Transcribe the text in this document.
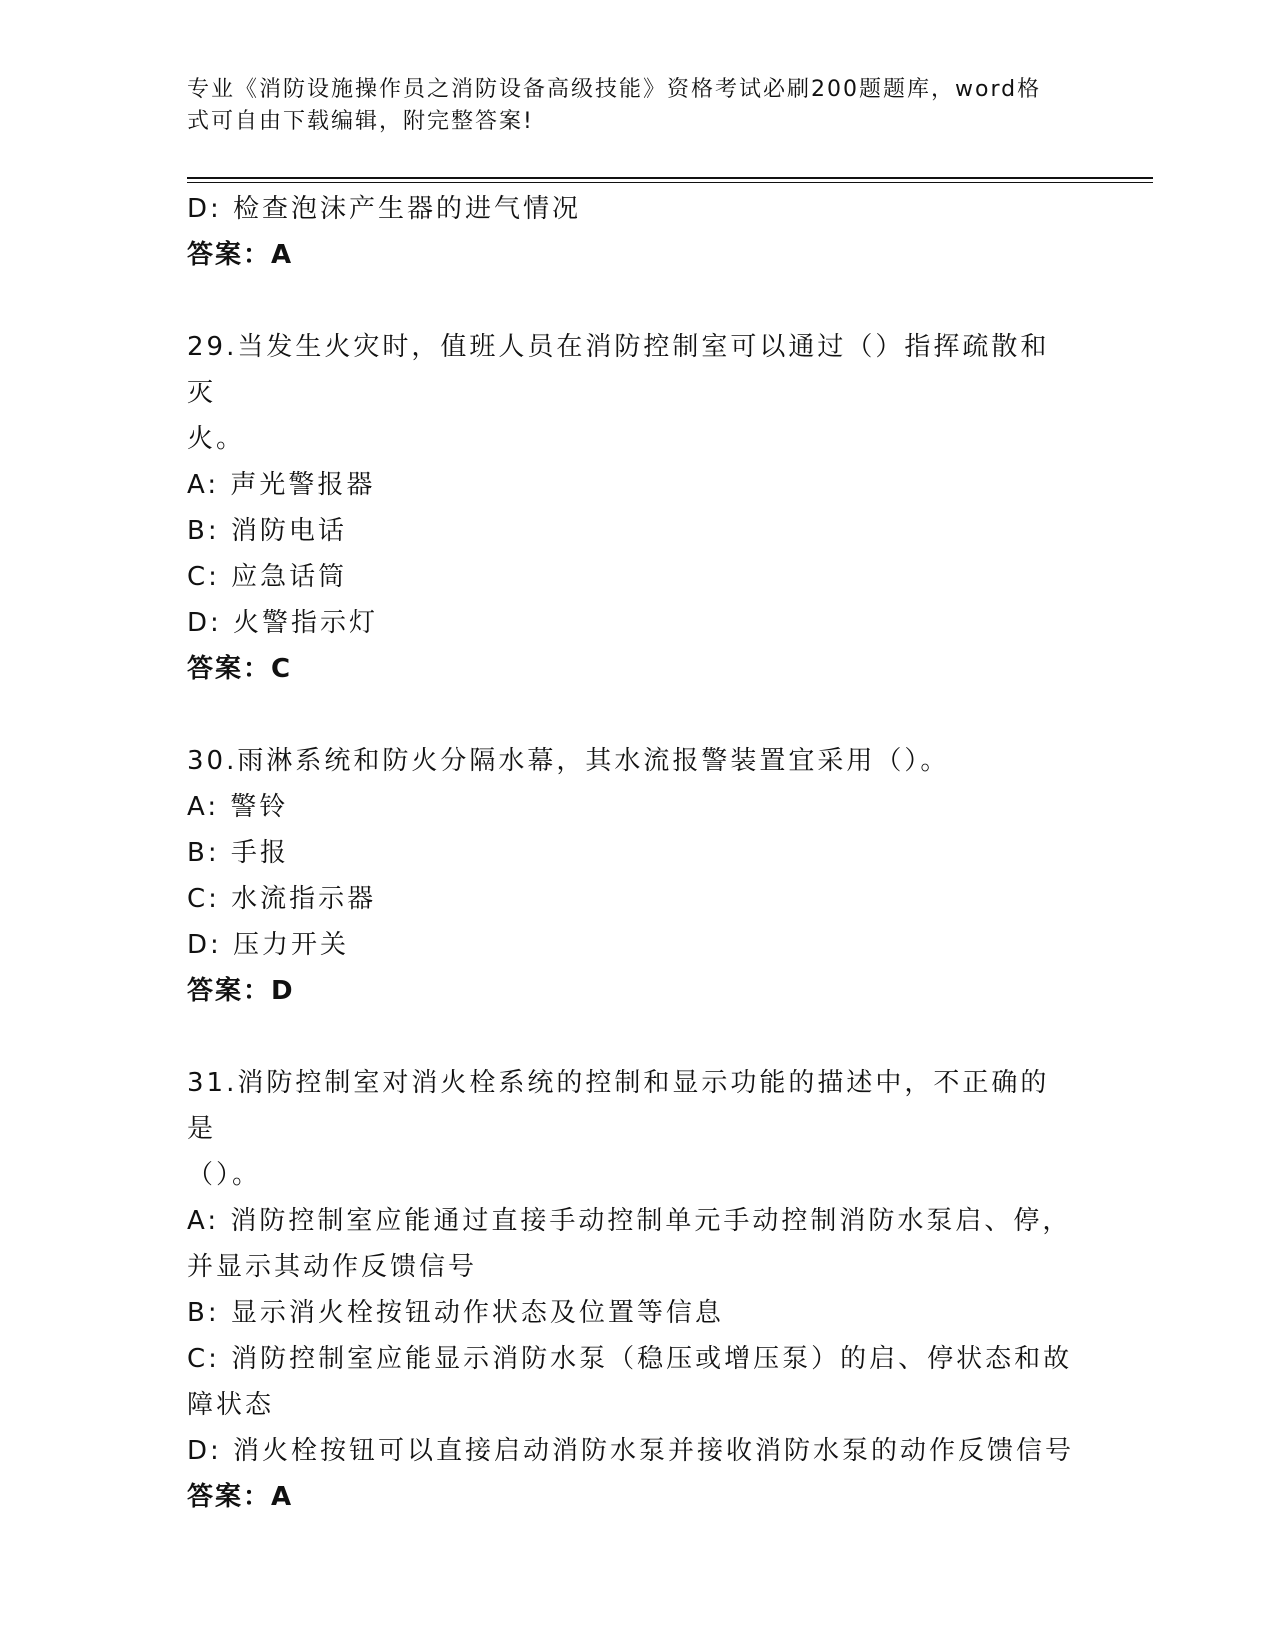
专业《消防设施操作员之消防设备高级技能》资格考试必刷200题题库，word格
式可自由下载编辑，附完整答案!
D: 检查泡沫产生器的进气情况
答案：A
29.当发生火灾时，值班人员在消防控制室可以通过（）指挥疏散和灭
火。
A: 声光警报器
B: 消防电话
C: 应急话筒
D: 火警指示灯
答案：C
30.雨淋系统和防火分隔水幕，其水流报警装置宜采用（）。
A: 警铃
B: 手报
C: 水流指示器
D: 压力开关
答案：D
31.消防控制室对消火栓系统的控制和显示功能的描述中，不正确的是
（）。
A: 消防控制室应能通过直接手动控制单元手动控制消防水泵启、停，
并显示其动作反馈信号
B: 显示消火栓按钮动作状态及位置等信息
C: 消防控制室应能显示消防水泵（稳压或增压泵）的启、停状态和故
障状态
D: 消火栓按钮可以直接启动消防水泵并接收消防水泵的动作反馈信号
答案：A
